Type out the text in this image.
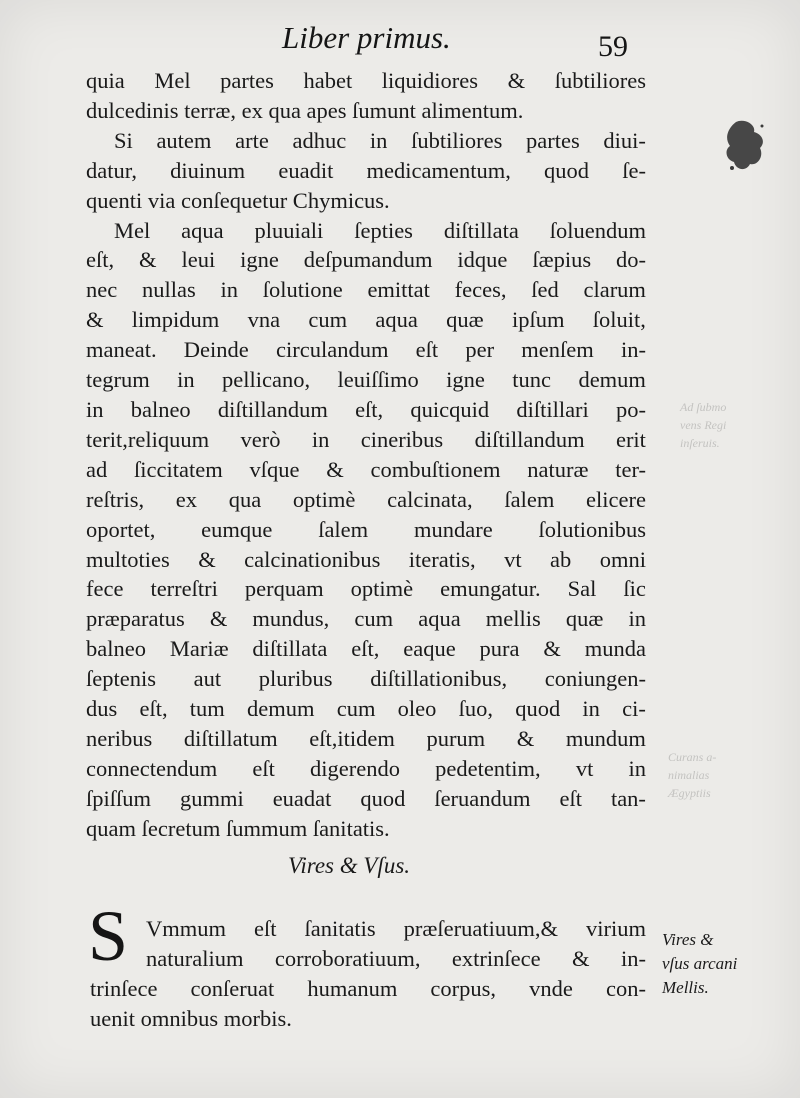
Liber primus.	59
Ad ſubmo
vens Regi
inſeruis.
Curans a-
nimalias
Ægyptiis
quia Mel partes habet liquidiores & ſubtiliores
dulcedinis terræ, ex qua apes ſumunt alimentum.
Si autem arte adhuc in ſubtiliores partes diui-
datur, diuinum euadit medicamentum, quod ſe-
quenti via conſequetur Chymicus.
Mel aqua pluuiali ſepties diſtillata ſoluendum
eſt, & leui igne deſpumandum idque ſæpius do-
nec nullas in ſolutione emittat feces, ſed clarum
& limpidum vna cum aqua quæ ipſum ſoluit,
maneat. Deinde circulandum eſt per menſem in-
tegrum in pellicano, leuiſſimo igne tunc demum
in balneo diſtillandum eſt, quicquid diſtillari po-
terit,reliquum verò in cineribus diſtillandum erit
ad ſiccitatem vſque & combuſtionem naturæ ter-
reſtris, ex qua optimè calcinata, ſalem elicere
oportet, eumque ſalem mundare ſolutionibus
multoties & calcinationibus iteratis, vt ab omni
fece terreſtri perquam optimè emungatur. Sal ſic
præparatus & mundus, cum aqua mellis quæ in
balneo Mariæ diſtillata eſt, eaque pura & munda
ſeptenis aut pluribus diſtillationibus, coniungen-
dus eſt, tum demum cum oleo ſuo, quod in ci-
neribus diſtillatum eſt,itidem purum & mundum
connectendum eſt digerendo pedetentim, vt in
ſpiſſum gummi euadat quod ſeruandum eſt tan-
quam ſecretum ſummum ſanitatis.
Vires & Vſus.
S Vmmum eſt ſanitatis præſeruatiuum,& virium
naturalium corroboratiuum, extrinſece & in-
trinſece conſeruat humanum corpus, vnde con-
uenit omnibus morbis.
Vires &
vſus arcani
Mellis.
